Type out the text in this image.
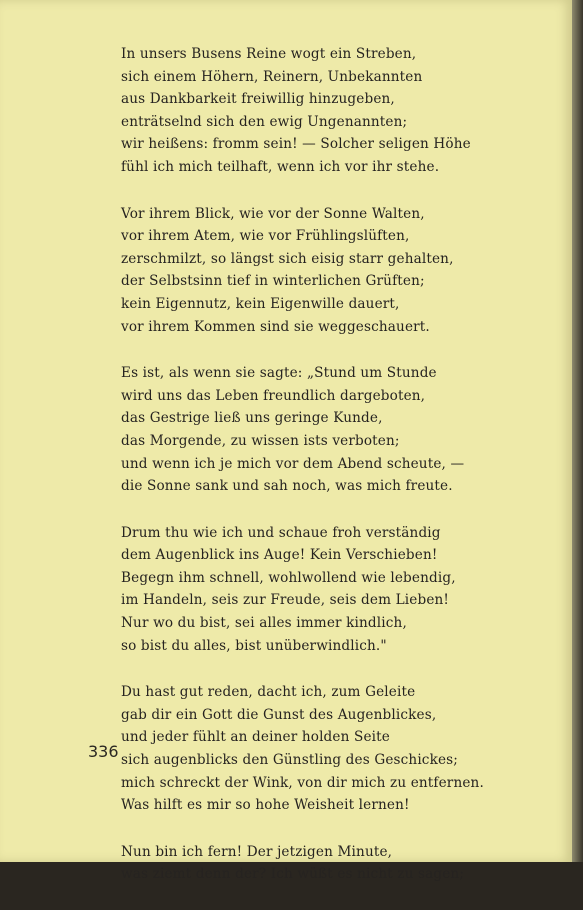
In unsers Busens Reine wogt ein Streben,
sich einem Höhern, Reinern, Unbekannten
aus Dankbarkeit freiwillig hinzugeben,
enträtselnd sich den ewig Ungenannten;
wir heißens: fromm sein! — Solcher seligen Höhe
fühl ich mich teilhaft, wenn ich vor ihr stehe.
Vor ihrem Blick, wie vor der Sonne Walten,
vor ihrem Atem, wie vor Frühlingslüften,
zerschmilzt, so längst sich eisig starr gehalten,
der Selbstsinn tief in winterlichen Grüften;
kein Eigennutz, kein Eigenwille dauert,
vor ihrem Kommen sind sie weggeschauert.
Es ist, als wenn sie sagte: „Stund um Stunde
wird uns das Leben freundlich dargeboten,
das Gestrige ließ uns geringe Kunde,
das Morgende, zu wissen ists verboten;
und wenn ich je mich vor dem Abend scheute, —
die Sonne sank und sah noch, was mich freute.
Drum thu wie ich und schaue froh verständig
dem Augenblick ins Auge! Kein Verschieben!
Begegn ihm schnell, wohlwollend wie lebendig,
im Handeln, seis zur Freude, seis dem Lieben!
Nur wo du bist, sei alles immer kindlich,
so bist du alles, bist unüberwindlich."
Du hast gut reden, dacht ich, zum Geleite
gab dir ein Gott die Gunst des Augenblickes,
und jeder fühlt an deiner holden Seite
sich augenblicks den Günstling des Geschickes;
mich schreckt der Wink, von dir mich zu entfernen.
Was hilft es mir so hohe Weisheit lernen!
Nun bin ich fern! Der jetzigen Minute,
was ziemt denn der? Ich wüßt es nicht zu sagen;
336
